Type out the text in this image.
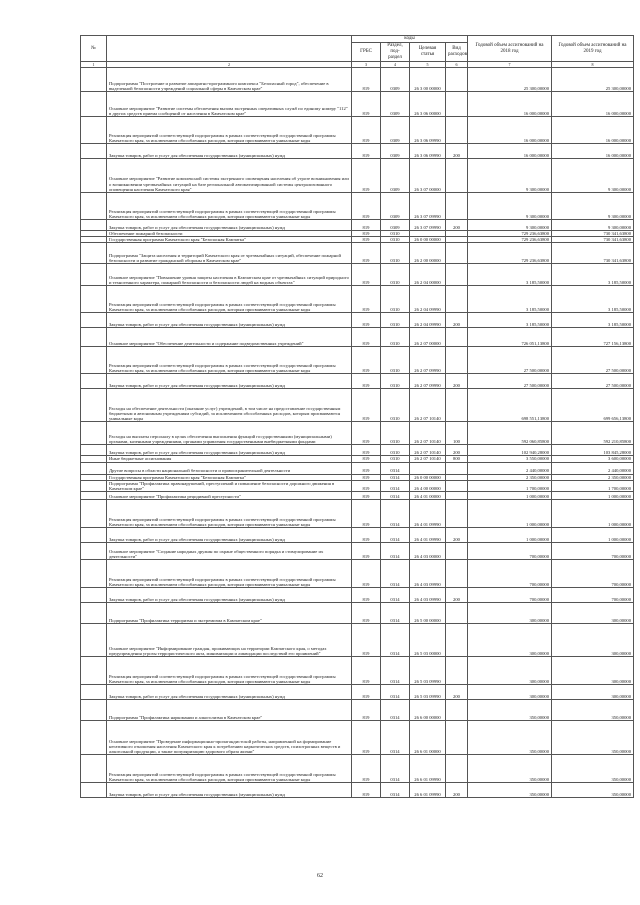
№		коды				Годовой объем ассигнований на 2018 год	Годовой объем ассигнований на 2019 год
		ГРБС	Раздел, под- раздел	Целевая статья	Вид расходов		
1	2	3	4	5	6	7	8
	Подпрограмма "Построение и развитие аппаратно-программного комплекса "Безопасный город", обеспечение в выделенной безопасности учреждений социальной сферы в Камчатском крае"	819	0309	26 3 00 00000		25 300,00000	25 300,00000
	Основное мероприятие "Развитие системы обеспечения вызова экстренных оперативных служб по единому номеру "112" в других средств приема сообщений от населения в Камчатском крае"	819	0309	26 3 06 00000		16 000,00000	16 000,00000
	Реализация мероприятий соответствующей подпрограммы в рамках соответствующей государственной программы Камчатского края, за исключением обособленных расходов, которым присваиваются уникальные коды	819	0309	26 3 06 09990		16 000,00000	16 000,00000
	Закупка товаров, работ и услуг для обеспечения государственных (муниципальных) нужд	819	0309	26 3 06 09990	200	16 000,00000	16 000,00000
	Основное мероприятие "Развитие комплексной системы экстренного оповещения населения об угрозе возникновения или о возникновении чрезвычайных ситуаций на базе региональной автоматизированной системы централизованного оповещения населения Камчатского края"	819	0309	26 3 07 00000		9 300,00000	9 300,00000
	Реализация мероприятий соответствующей подпрограммы в рамках соответствующей государственной программы Камчатского края, за исключением обособленных расходов, которым присваиваются уникальные коды	819	0309	26 3 07 09990		9 300,00000	9 300,00000
	Закупка товаров, работ и услуг для обеспечения государственных (муниципальных) нужд	819	0309	26 3 07 09990	200	9 300,00000	9 300,00000
	Обеспечение пожарной безопасности	819	0310			729 236,63800	730 341,63800
	Государственная программа Камчатского края "Безопасная Камчатка"	819	0310	26 0 00 00000		729 236,63800	730 341,63800
	Подпрограмма "Защита населения и территорий Камчатского края от чрезвычайных ситуаций, обеспечение пожарной безопасности и развитие гражданской обороны в Камчатском крае"	819	0310	26 2 00 00000		729 236,63800	730 341,63800
	Основное мероприятие "Повышение уровня защиты населения в Камчатском крае от чрезвычайных ситуаций природного и техногенного характера, пожарной безопасности и безопасности людей на водных объектах"	819	0310	26 2 04 00000		3 185,50000	3 185,50000
	Реализация мероприятий соответствующей подпрограммы в рамках соответствующей государственной программы Камчатского края, за исключением обособленных расходов, которым присваиваются уникальные коды	819	0310	26 2 04 09990		3 185,50000	3 185,50000
	Закупка товаров, работ и услуг для обеспечения государственных (муниципальных) нужд	819	0310	26 2 04 09990	200	3 185,50000	3 185,50000
	Основное мероприятие "Обеспечение деятельности и содержание подведомственных учреждений"	819	0310	26 2 07 00000		726 051,13800	727 156,13800
	Реализация мероприятий соответствующей подпрограммы в рамках соответствующей государственной программы Камчатского края, за исключением обособленных расходов, которым присваиваются уникальные коды	819	0310	26 2 07 09990		27 500,00000	27 500,00000
	Закупка товаров, работ и услуг для обеспечения государственных (муниципальных) нужд	819	0310	26 2 07 09990	200	27 500,00000	27 500,00000
	Расходы на обеспечение деятельности (оказание услуг) учреждений, в том числе на предоставление государственным бюджетным и автономным учреждениям субсидий, за исключением обособленных расходов, которым присваиваются уникальные коды	819	0310	26 2 07 10140		698 551,13800	699 656,13800
	Расходы на выплаты персоналу в целях обеспечения выполнения функций государственными (муниципальными) органами, казенными учреждениями, органами управления государственными внебюджетными фондами	819	0310	26 2 07 10140	100	592 060,85800	592 210,85800
	Закупка товаров, работ и услуг для обеспечения государственных (муниципальных) нужд	819	0310	26 2 07 10140	200	102 940,28000	103 845,28000
	Иные бюджетные ассигнования	819	0310	26 2 07 10140	800	3 550,00000	3 600,00000
	Другие вопросы в области национальной безопасности и правоохранительной деятельности	819	0314			2 440,00000	2 440,00000
	Государственная программа Камчатского края "Безопасная Камчатка"	819	0314	26 0 00 00000		2 350,00000	2 350,00000
	Подпрограмма "Профилактика правонарушений, преступлений и повышение безопасности дорожного движения в Камчатском крае"	819	0314	26 4 00 00000		1 700,00000	1 700,00000
	Основное мероприятие "Профилактика рецидивной преступности"	819	0314	26 4 01 00000		1 000,00000	1 000,00000
	Реализация мероприятий соответствующей подпрограммы в рамках соответствующей государственной программы Камчатского края, за исключением обособленных расходов, которым присваиваются уникальные коды	819	0314	26 4 01 09990		1 000,00000	1 000,00000
	Закупка товаров, работ и услуг для обеспечения государственных (муниципальных) нужд	819	0314	26 4 01 09990	200	1 000,00000	1 000,00000
	Основное мероприятие "Создание народных дружин по охране общественного порядка и стимулирование их деятельности"	819	0314	26 4 03 00000		700,00000	700,00000
	Реализация мероприятий соответствующей подпрограммы в рамках соответствующей государственной программы Камчатского края, за исключением обособленных расходов, которым присваиваются уникальные коды	819	0314	26 4 03 09990		700,00000	700,00000
	Закупка товаров, работ и услуг для обеспечения государственных (муниципальных) нужд	819	0314	26 4 03 09990	200	700,00000	700,00000
	Подпрограмма "Профилактика терроризма и экстремизма в Камчатском крае"	819	0314	26 5 00 00000		300,00000	300,00000
	Основное мероприятие "Информирование граждан, проживающих на территории Камчатского края, о методах предупреждения угрозы террористического акта, минимизации и ликвидации последствий его проявлений"	819	0314	26 5 03 00000		300,00000	300,00000
	Реализация мероприятий соответствующей подпрограммы в рамках соответствующей государственной программы Камчатского края, за исключением обособленных расходов, которым присваиваются уникальные коды	819	0314	26 5 03 09990		300,00000	300,00000
	Закупка товаров, работ и услуг для обеспечения государственных (муниципальных) нужд	819	0314	26 5 03 09990	200	300,00000	300,00000
	Подпрограмма "Профилактика наркомании и алкоголизма в Камчатском крае"	819	0314	26 6 00 00000		350,00000	350,00000
	Основное мероприятие "Проведение информационно-пропагандистской работы, направленной на формирование негативного отношения населения Камчатского края к потреблению наркотических средств, психотропных веществ и алкогольной продукции, а также популяризацию здорового образа жизни"	819	0314	26 6 01 00000		350,00000	350,00000
	Реализация мероприятий соответствующей подпрограммы в рамках соответствующей государственной программы Камчатского края, за исключением обособленных расходов, которым присваиваются уникальные коды	819	0314	26 6 01 09990		350,00000	350,00000
	Закупка товаров, работ и услуг для обеспечения государственных (муниципальных) нужд	819	0314	26 6 01 09990	200	350,00000	350,00000
62
